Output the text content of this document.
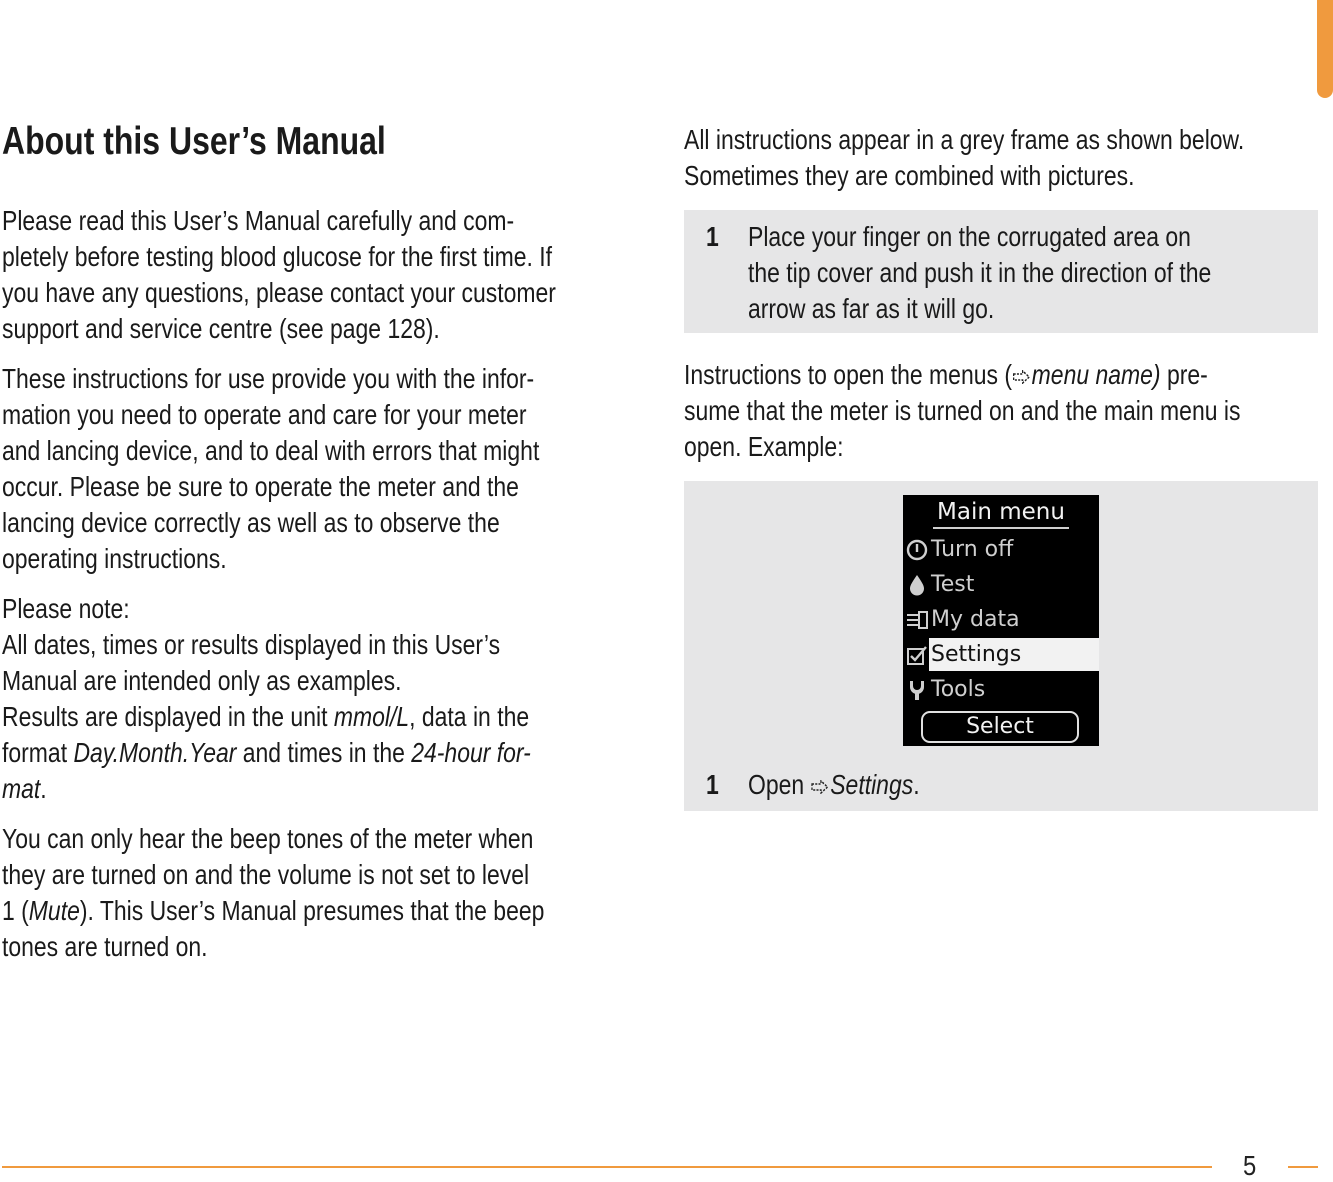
About this User’s Manual

Please read this User’s Manual carefully and com-
pletely before testing blood glucose for the first time. If
you have any questions, please contact your customer
support and service centre (see page 128).

These instructions for use provide you with the infor-
mation you need to operate and care for your meter
and lancing device, and to deal with errors that might
occur. Please be sure to operate the meter and the
lancing device correctly as well as to observe the
operating instructions.

Please note:
All dates, times or results displayed in this User’s
Manual are intended only as examples.
Results are displayed in the unit mmol/L, data in the
format Day.Month.Year and times in the 24-hour for-
mat.

You can only hear the beep tones of the meter when
they are turned on and the volume is not set to level
1 (Mute). This User’s Manual presumes that the beep
tones are turned on.

All instructions appear in a grey frame as shown below.
Sometimes they are combined with pictures.

1 Place your finger on the corrugated area on
the tip cover and push it in the direction of the
arrow as far as it will go.
Instructions to open the menus ( menu name) pre-
sume that the meter is turned on and the main menu is
open. Example:
Main menu
Turn off
Test
My data
Settings
Tools
Select
1 Open
Settings.
5
